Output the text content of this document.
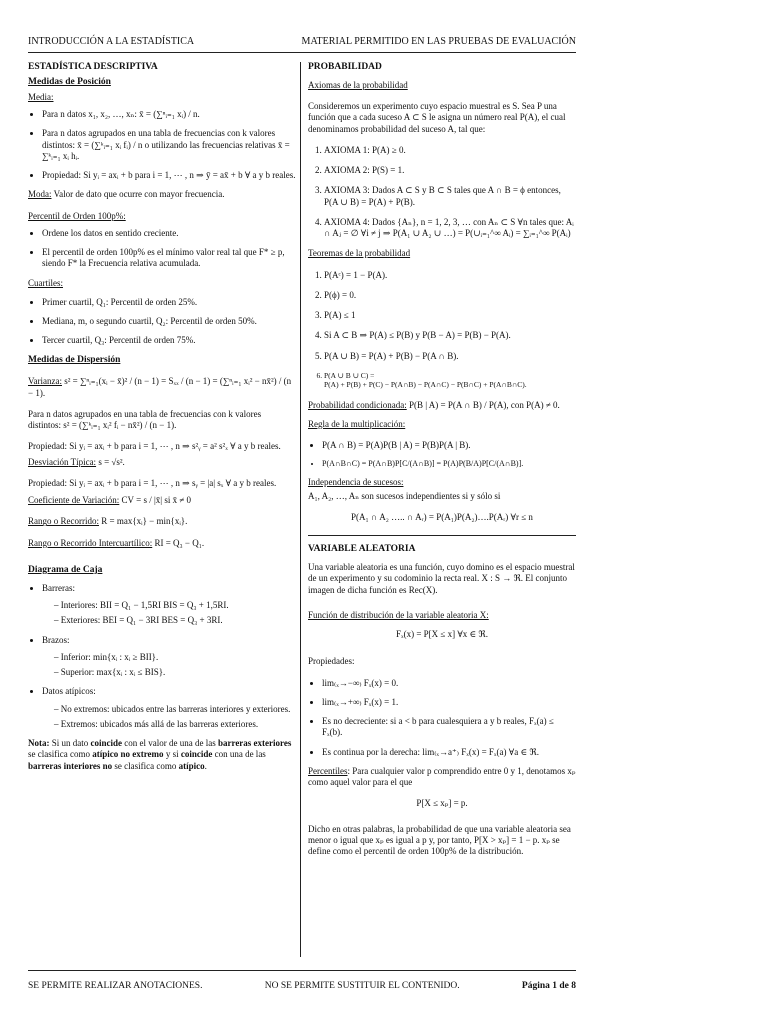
INTRODUCCIÓN A LA ESTADÍSTICA	MATERIAL PERMITIDO EN LAS PRUEBAS DE EVALUACIÓN
ESTADÍSTICA DESCRIPTIVA
Medidas de Posición
Media:
• Para n datos x₁, x₂, …, xₙ: x̄ = (∑ⁿᵢ₌₁ xᵢ) / n.
• Para n datos agrupados en una tabla de frecuencias con k valores distintos: x̄ = (∑ᵏᵢ₌₁ xᵢ fᵢ) / n o utilizando las frecuencias relativas x̄ = ∑ᵏᵢ₌₁ xᵢ hᵢ.
• Propiedad: Si yᵢ = axᵢ + b para i = 1, ⋯ , n ⇒ ȳ = ax̄ + b ∀ a y b reales.
Moda: Valor de dato que ocurre con mayor frecuencia.
Percentil de Orden 100p%:
• Ordene los datos en sentido creciente.
• El percentil de orden 100p% es el mínimo valor real tal que F* ≥ p, siendo F* la Frecuencia relativa acumulada.
Cuartiles:
• Primer cuartil, Q₁: Percentil de orden 25%.
• Mediana, m, o segundo cuartil, Q₂: Percentil de orden 50%.
• Tercer cuartil, Q₃: Percentil de orden 75%.
Medidas de Dispersión
Varianza: s² = ∑ⁿᵢ₌₁(xᵢ − x̄)² / (n − 1) = Sₓₓ / (n − 1) = (∑ⁿᵢ₌₁ xᵢ² − nx̄²) / (n − 1).
Para n datos agrupados en una tabla de frecuencias con k valores distintos: s² = (∑ᵏᵢ₌₁ xᵢ² fᵢ − nx̄²) / (n − 1).
Propiedad: Si yᵢ = axᵢ + b para i = 1, ⋯ , n ⇒ s²ᵧ = a² s²ₓ ∀ a y b reales.
Desviación Típica: s = √s².
Propiedad: Si yᵢ = axᵢ + b para i = 1, ⋯ , n ⇒ sᵧ = |a| sₓ ∀ a y b reales.
Coeficiente de Variación: CV = s / |x̄| si x̄ ≠ 0
Rango o Recorrido: R = max{xᵢ} − min{xᵢ}.
Rango o Recorrido Intercuartílico: RI = Q₃ − Q₁.
Diagrama de Caja
• Barreras:
– Interiores: BII = Q₁ − 1,5RI BIS = Q₃ + 1,5RI.
– Exteriores: BEI = Q₁ − 3RI BES = Q₃ + 3RI.
• Brazos:
– Inferior: min{xᵢ : xᵢ ≥ BII}.
– Superior: max{xᵢ : xᵢ ≤ BIS}.
• Datos atípicos:
– No extremos: ubicados entre las barreras interiores y exteriores.
– Extremos: ubicados más allá de las barreras exteriores.
Nota: Si un dato coincide con el valor de una de las barreras exteriores se clasifica como atípico no extremo y si coincide con una de las barreras interiores no se clasifica como atípico.
PROBABILIDAD
Axiomas de la probabilidad
Consideremos un experimento cuyo espacio muestral es S. Sea P una función que a cada suceso A ⊂ S le asigna un número real P(A), el cual denominamos probabilidad del suceso A, tal que:
1. AXIOMA 1: P(A) ≥ 0.
2. AXIOMA 2: P(S) = 1.
3. AXIOMA 3: Dados A ⊂ S y B ⊂ S tales que A ∩ B = ϕ entonces, P(A ∪ B) = P(A) + P(B).
4. AXIOMA 4: Dados {Aₙ}, n = 1, 2, 3, … con Aₙ ⊂ S ∀n tales que: Aᵢ ∩ Aⱼ = ∅ ∀i ≠ j ⇒ P(A₁ ∪ A₂ ∪ …) = P(∪ᵢ₌₁^∞ Aᵢ) = ∑ᵢ₌₁^∞ P(Aᵢ)
Teoremas de la probabilidad
1. P(Aᶜ) = 1 − P(A).
2. P(ϕ) = 0.
3. P(A) ≤ 1
4. Si A ⊂ B ⇒ P(A) ≤ P(B) y P(B − A) = P(B) − P(A).
5. P(A ∪ B) = P(A) + P(B) − P(A ∩ B).
6. P(A ∪ B ∪ C) =
P(A) + P(B) + P(C) − P(A∩B) − P(A∩C) − P(B∩C) + P(A∩B∩C).
Probabilidad condicionada: P(B | A) = P(A ∩ B) / P(A), con P(A) ≠ 0.
Regla de la multiplicación:
• P(A ∩ B) = P(A)P(B | A) = P(B)P(A | B).
• P(A∩B∩C) = P(A∩B)P[C/(A∩B)] = P(A)P(B/A)P[C/(A∩B)].
Independencia de sucesos:
A₁, A₂, …, Aₙ son sucesos independientes si y sólo si
P(A₁ ∩ A₂ ….. ∩ Aᵣ) = P(A₁)P(A₂)….P(Aᵣ) ∀r ≤ n
VARIABLE ALEATORIA
Una variable aleatoria es una función, cuyo domino es el espacio muestral de un experimento y su codominio la recta real. X : S → ℜ. El conjunto imagen de dicha función es Rec(X).
Función de distribución de la variable aleatoria X:
Fₓ(x) = P[X ≤ x] ∀x ∈ ℜ.
Propiedades:
• lim₍ₓ→−∞₎ Fₓ(x) = 0.
• lim₍ₓ→+∞₎ Fₓ(x) = 1.
• Es no decreciente: si a < b para cualesquiera a y b reales, Fₓ(a) ≤ Fₓ(b).
• Es continua por la derecha: lim₍ₓ→a⁺₎ Fₓ(x) = Fₓ(a) ∀a ∈ ℜ.
Percentiles: Para cualquier valor p comprendido entre 0 y 1, denotamos xₚ como aquel valor para el que
P[X ≤ xₚ] = p.
Dicho en otras palabras, la probabilidad de que una variable aleatoria sea menor o igual que xₚ es igual a p y, por tanto, P[X > xₚ] = 1 − p. xₚ se define como el percentil de orden 100p% de la distribución.
SE PERMITE REALIZAR ANOTACIONES.	NO SE PERMITE SUSTITUIR EL CONTENIDO.	Página 1 de 8
